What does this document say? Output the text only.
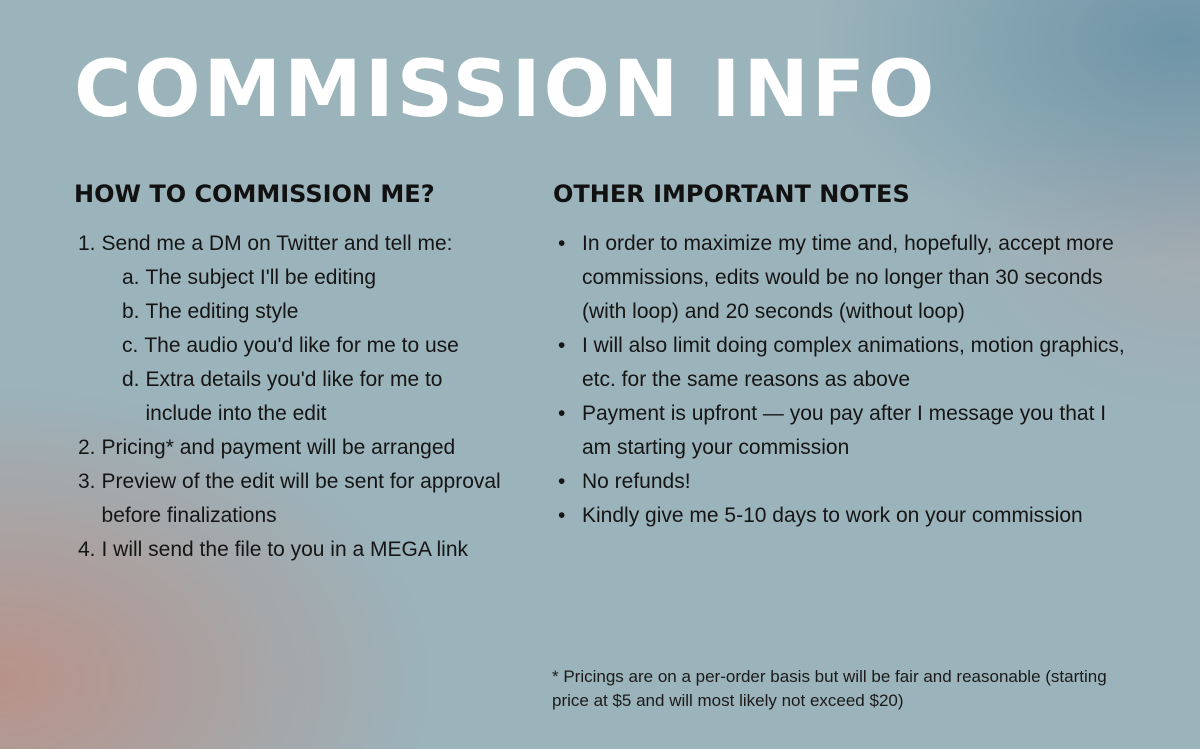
COMMISSION INFO
HOW TO COMMISSION ME?	OTHER IMPORTANT NOTES
1. Send me a DM on Twitter and tell me:
a. The subject I'll be editing
b. The editing style
c. The audio you'd like for me to use
d. Extra details you'd like for me to include into the edit
2. Pricing* and payment will be arranged
3. Preview of the edit will be sent for approval before finalizations
4. I will send the file to you in a MEGA link
• In order to maximize my time and, hopefully, accept more commissions, edits would be no longer than 30 seconds (with loop) and 20 seconds (without loop)
• I will also limit doing complex animations, motion graphics, etc. for the same reasons as above
• Payment is upfront — you pay after I message you that I am starting your commission
• No refunds!
• Kindly give me 5-10 days to work on your commission

* Pricings are on a per-order basis but will be fair and reasonable (starting price at $5 and will most likely not exceed $20)
